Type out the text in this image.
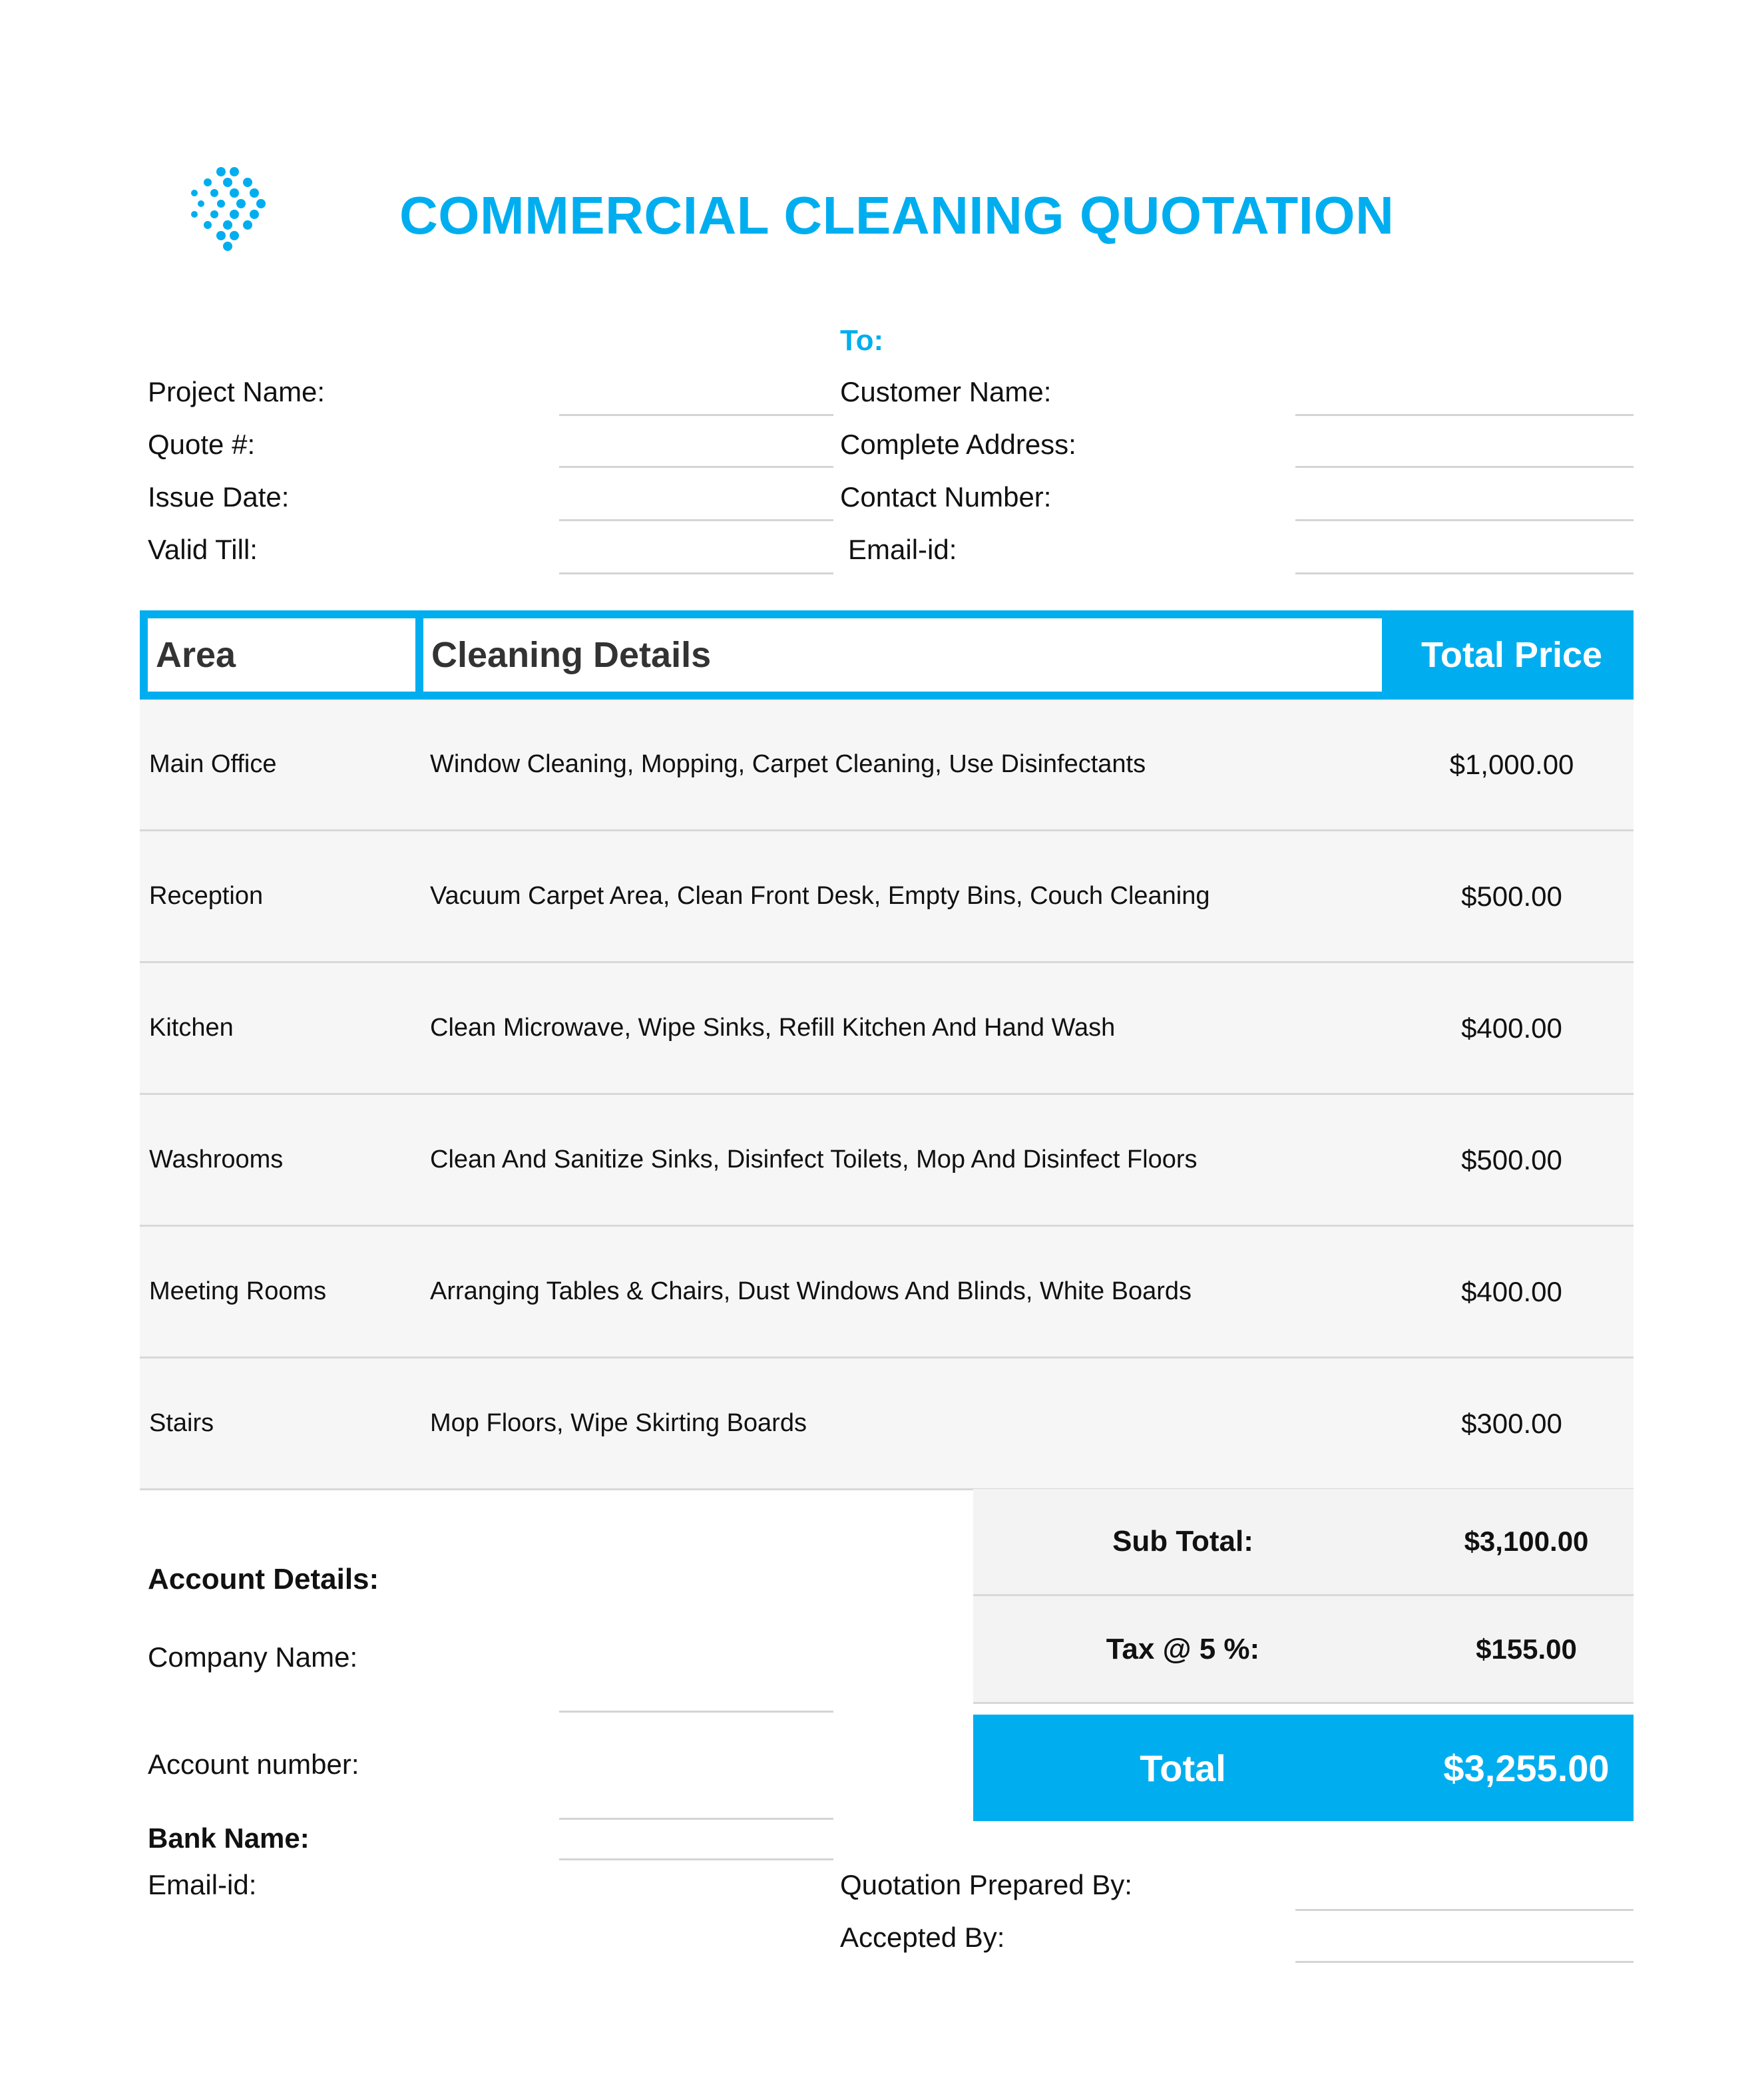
COMMERCIAL CLEANING QUOTATION
Project Name:
Quote #:
Issue Date:
Valid Till:
To:
Customer Name:
Complete Address:
Contact Number:
Email-id:
Area	Cleaning Details	Total Price
Main Office	Window Cleaning, Mopping, Carpet Cleaning, Use Disinfectants	$1,000.00
Reception	Vacuum Carpet Area, Clean Front Desk, Empty Bins, Couch Cleaning	$500.00
Kitchen	Clean Microwave, Wipe Sinks, Refill Kitchen And Hand Wash	$400.00
Washrooms	Clean And Sanitize Sinks, Disinfect Toilets, Mop And Disinfect Floors	$500.00
Meeting Rooms	Arranging Tables & Chairs, Dust Windows And Blinds, White Boards	$400.00
Stairs	Mop Floors, Wipe Skirting Boards	$300.00
Sub Total:	$3,100.00
Tax @ 5 %:	$155.00
Total	$3,255.00
Account Details:
Company Name:
Account number:
Bank Name:
Email-id:	Quotation Prepared By:
Accepted By:
